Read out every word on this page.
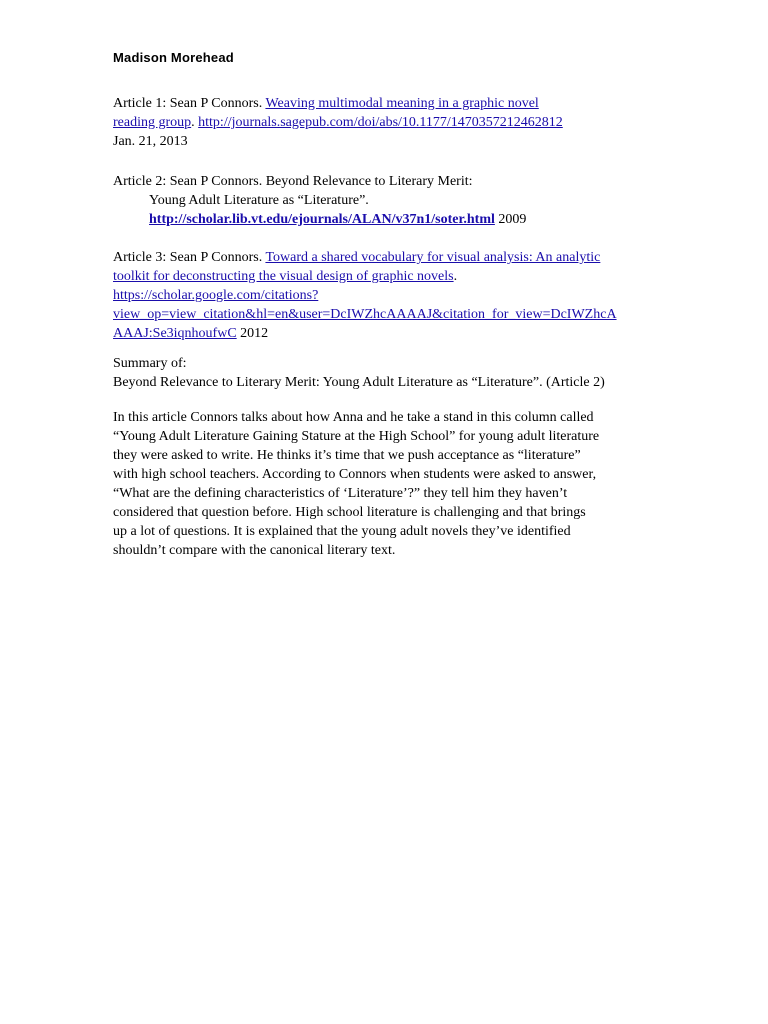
Madison Morehead
Article 1: Sean P Connors. Weaving multimodal meaning in a graphic novel
reading group. http://journals.sagepub.com/doi/abs/10.1177/1470357212462812
Jan. 21, 2013
Article 2: Sean P Connors. Beyond Relevance to Literary Merit:
Young Adult Literature as “Literature”.
http://scholar.lib.vt.edu/ejournals/ALAN/v37n1/soter.html 2009
Article 3: Sean P Connors. Toward a shared vocabulary for visual analysis: An analytic
toolkit for deconstructing the visual design of graphic novels.
https://scholar.google.com/citations?
view_op=view_citation&hl=en&user=DcIWZhcAAAAJ&citation_for_view=DcIWZhcA
AAAJ:Se3iqnhoufwC 2012
Summary of:
Beyond Relevance to Literary Merit: Young Adult Literature as “Literature”. (Article 2)
In this article Connors talks about how Anna and he take a stand in this column called
“Young Adult Literature Gaining Stature at the High School” for young adult literature
they were asked to write. He thinks it’s time that we push acceptance as “literature”
with high school teachers. According to Connors when students were asked to answer,
“What are the defining characteristics of ‘Literature’?” they tell him they haven’t
considered that question before. High school literature is challenging and that brings
up a lot of questions. It is explained that the young adult novels they’ve identified
shouldn’t compare with the canonical literary text.
